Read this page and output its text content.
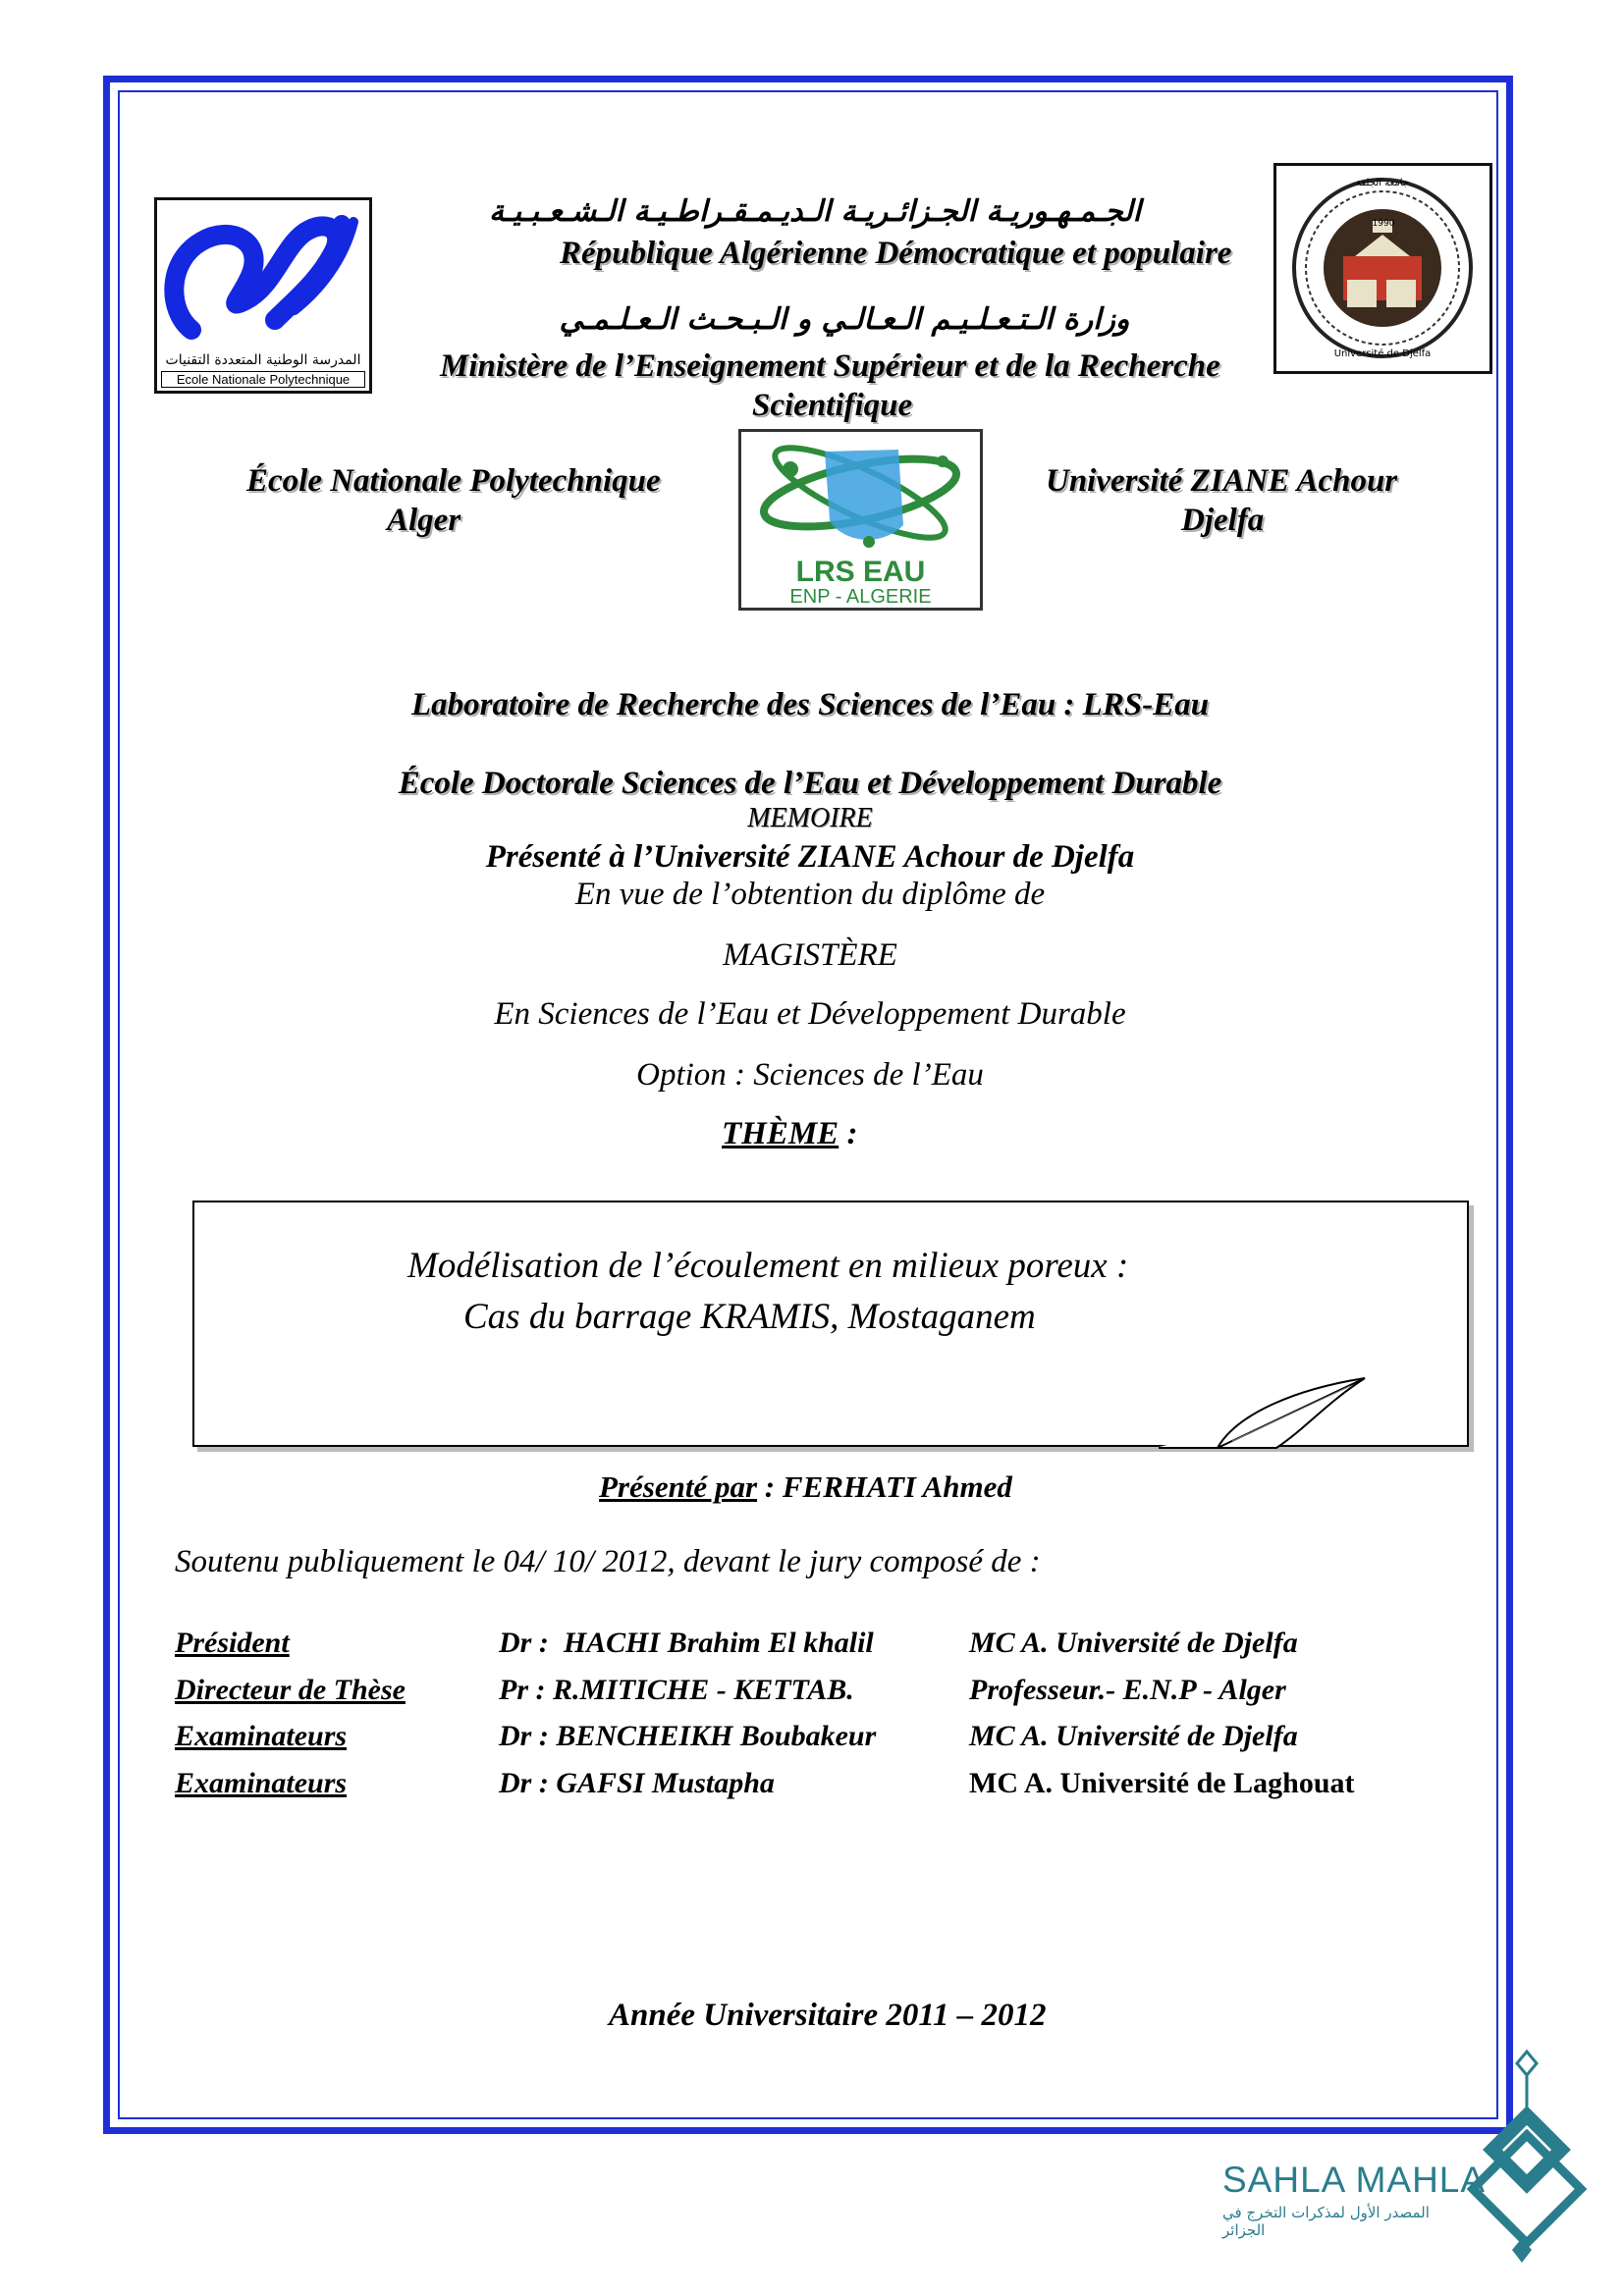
المدرسة الوطنية المتعددة التقنيات
Ecole Nationale Polytechnique
1990
جامعة الجلفة
Université de Djelfa
الجـمـهـوريـة الجـزائـريـة الـديـمـقـراطـيـة الـشـعـبـيـة
République Algérienne Démocratique et populaire
وزارة الـتـعـلـيـم الـعـالـي و الـبـحـث الـعـلـمـي
Ministère de l’Enseignement Supérieur et de la Recherche
Scientifique
École Nationale Polytechnique
Alger
Université ZIANE Achour
Djelfa
LRS EAU
ENP - ALGERIE
Laboratoire de Recherche des Sciences de l’Eau : LRS-Eau
École Doctorale Sciences de l’Eau et Développement Durable
MEMOIRE
Présenté à l’Université ZIANE Achour de Djelfa
En vue de l’obtention du diplôme de
MAGISTÈRE
En Sciences de l’Eau et Développement Durable
Option : Sciences de l’Eau
THÈME :
Modélisation de l’écoulement en milieux poreux :
Cas du barrage KRAMIS, Mostaganem
Présenté par : FERHATI Ahmed
Soutenu publiquement le 04/ 10/ 2012, devant le jury composé de :
Président	Dr :  HACHI Brahim El khalil	MC A. Université de Djelfa
Directeur de Thèse	Pr : R.MITICHE - KETTAB.	Professeur.- E.N.P - Alger
Examinateurs	Dr : BENCHEIKH Boubakeur	MC A. Université de Djelfa
Examinateurs	Dr : GAFSI Mustapha	MC A. Université de Laghouat
Année Universitaire 2011 – 2012
SAHLA MAHLA
المصدر الأول لمذكرات التخرج في الجزائر
